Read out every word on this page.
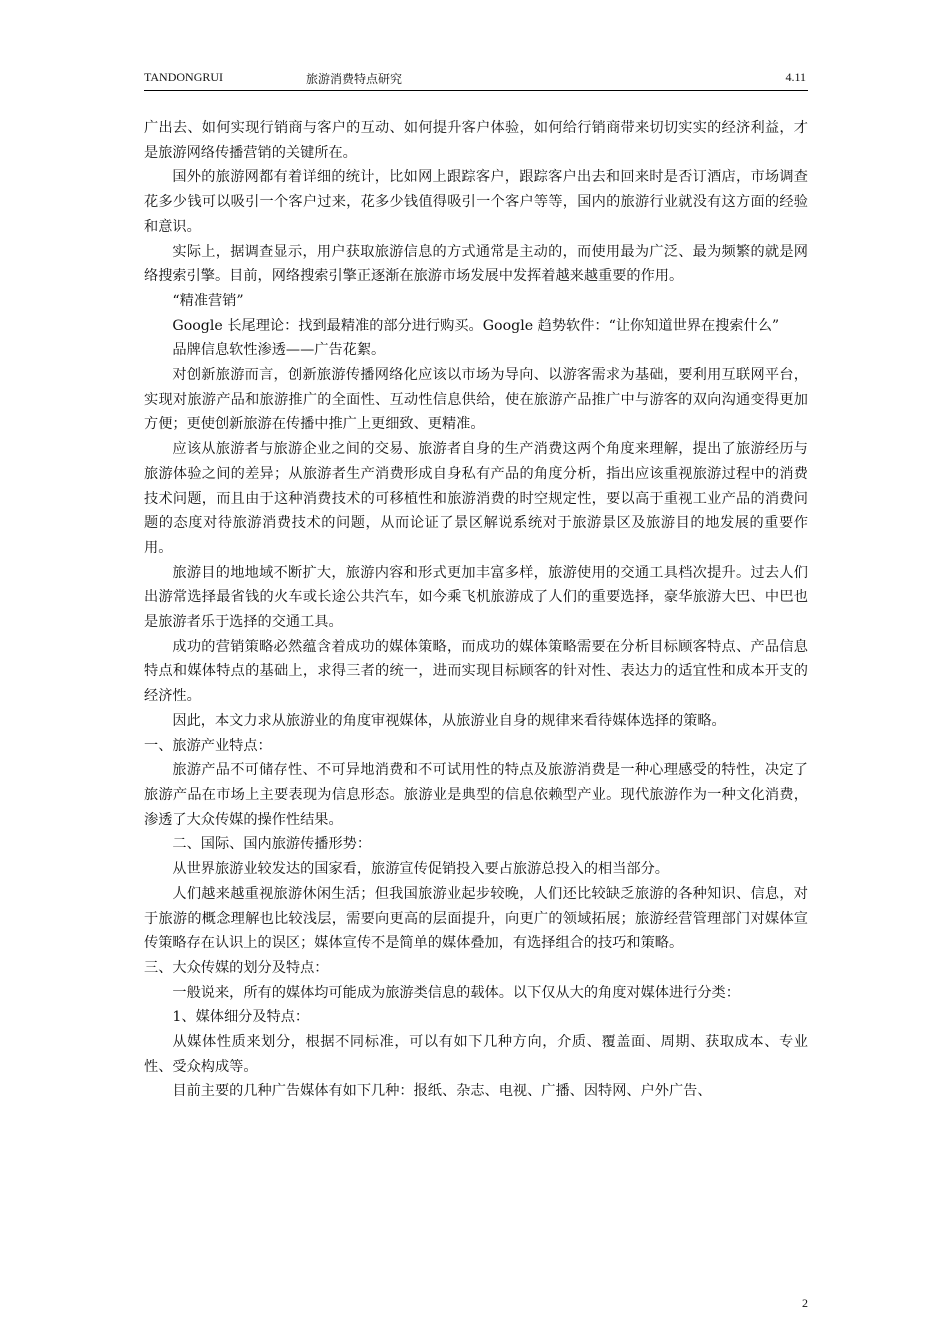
TANDONGRUI	旅游消费特点研究	4.11

广出去、如何实现行销商与客户的互动、如何提升客户体验，如何给行销商带来切切实实的经济利益，才是旅游网络传播营销的关键所在。

国外的旅游网都有着详细的统计，比如网上跟踪客户，跟踪客户出去和回来时是否订酒店，市场调查花多少钱可以吸引一个客户过来，花多少钱值得吸引一个客户等等，国内的旅游行业就没有这方面的经验和意识。

实际上，据调查显示，用户获取旅游信息的方式通常是主动的，而使用最为广泛、最为频繁的就是网络搜索引擎。目前，网络搜索引擎正逐渐在旅游市场发展中发挥着越来越重要的作用。

“精准营销”

Google 长尾理论：找到最精准的部分进行购买。Google 趋势软件：“让你知道世界在搜索什么”

品牌信息软性渗透——广告花絮。

对创新旅游而言，创新旅游传播网络化应该以市场为导向、以游客需求为基础，要利用互联网平台，实现对旅游产品和旅游推广的全面性、互动性信息供给，使在旅游产品推广中与游客的双向沟通变得更加方便；更使创新旅游在传播中推广上更细致、更精准。

应该从旅游者与旅游企业之间的交易、旅游者自身的生产消费这两个角度来理解，提出了旅游经历与旅游体验之间的差异；从旅游者生产消费形成自身私有产品的角度分析，指出应该重视旅游过程中的消费技术问题，而且由于这种消费技术的可移植性和旅游消费的时空规定性，要以高于重视工业产品的消费问题的态度对待旅游消费技术的问题，从而论证了景区解说系统对于旅游景区及旅游目的地发展的重要作用。

旅游目的地地域不断扩大，旅游内容和形式更加丰富多样，旅游使用的交通工具档次提升。过去人们出游常选择最省钱的火车或长途公共汽车，如今乘飞机旅游成了人们的重要选择，豪华旅游大巴、中巴也是旅游者乐于选择的交通工具。

成功的营销策略必然蕴含着成功的媒体策略，而成功的媒体策略需要在分析目标顾客特点、产品信息特点和媒体特点的基础上，求得三者的统一，进而实现目标顾客的针对性、表达力的适宜性和成本开支的经济性。

因此，本文力求从旅游业的角度审视媒体，从旅游业自身的规律来看待媒体选择的策略。

一、旅游产业特点：

旅游产品不可储存性、不可异地消费和不可试用性的特点及旅游消费是一种心理感受的特性，决定了旅游产品在市场上主要表现为信息形态。旅游业是典型的信息依赖型产业。现代旅游作为一种文化消费，渗透了大众传媒的操作性结果。

二、国际、国内旅游传播形势：

从世界旅游业较发达的国家看，旅游宣传促销投入要占旅游总投入的相当部分。

人们越来越重视旅游休闲生活；但我国旅游业起步较晚，人们还比较缺乏旅游的各种知识、信息，对于旅游的概念理解也比较浅层，需要向更高的层面提升，向更广的领域拓展；旅游经营管理部门对媒体宣传策略存在认识上的误区；媒体宣传不是简单的媒体叠加，有选择组合的技巧和策略。

三、大众传媒的划分及特点：

一般说来，所有的媒体均可能成为旅游类信息的载体。以下仅从大的角度对媒体进行分类：

1、媒体细分及特点：

从媒体性质来划分，根据不同标准，可以有如下几种方向，介质、覆盖面、周期、获取成本、专业性、受众构成等。

目前主要的几种广告媒体有如下几种：报纸、杂志、电视、广播、因特网、户外广告、

2
